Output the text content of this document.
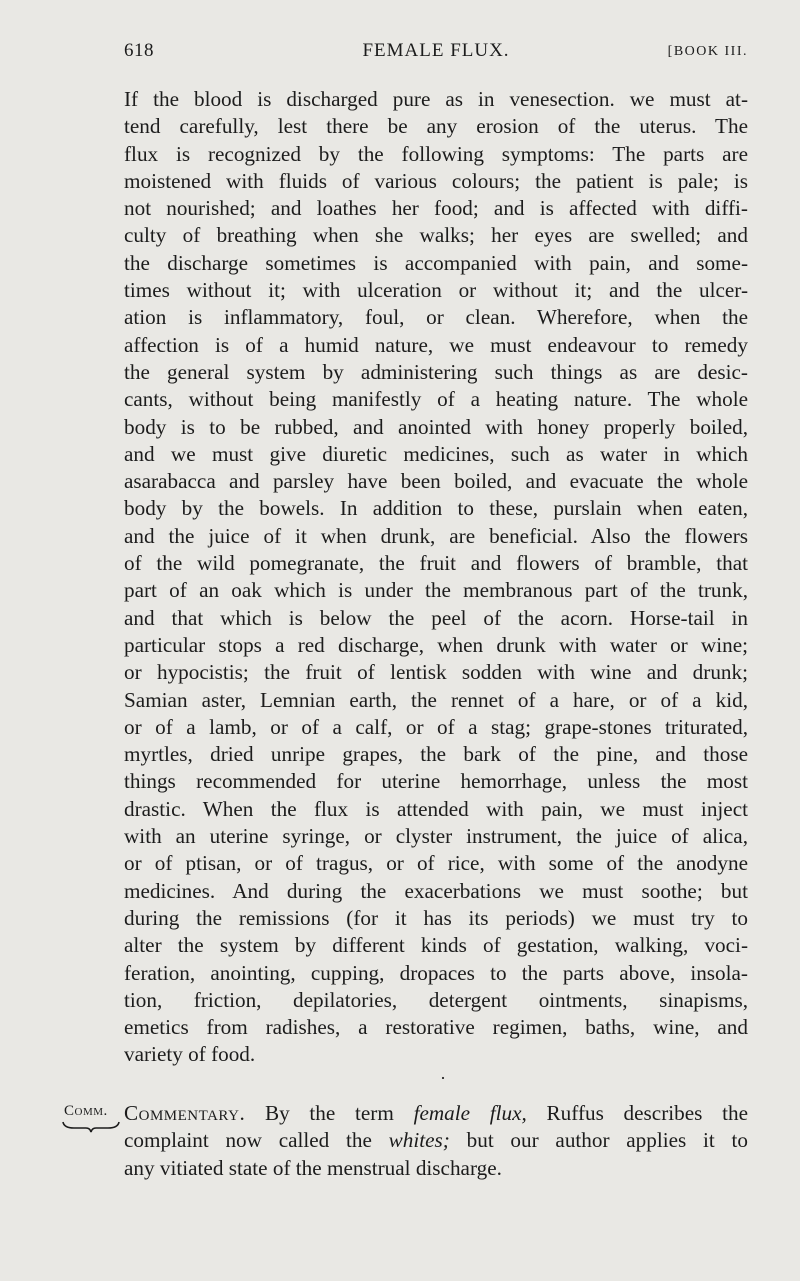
618	FEMALE FLUX.	[BOOK III.
If the blood is discharged pure as in venesection. we must at-
tend carefully, lest there be any erosion of the uterus. The
flux is recognized by the following symptoms: The parts are
moistened with fluids of various colours; the patient is pale; is
not nourished; and loathes her food; and is affected with diffi-
culty of breathing when she walks; her eyes are swelled; and
the discharge sometimes is accompanied with pain, and some-
times without it; with ulceration or without it; and the ulcer-
ation is inflammatory, foul, or clean. Wherefore, when the
affection is of a humid nature, we must endeavour to remedy
the general system by administering such things as are desic-
cants, without being manifestly of a heating nature. The whole
body is to be rubbed, and anointed with honey properly boiled,
and we must give diuretic medicines, such as water in which
asarabacca and parsley have been boiled, and evacuate the whole
body by the bowels. In addition to these, purslain when eaten,
and the juice of it when drunk, are beneficial. Also the flowers
of the wild pomegranate, the fruit and flowers of bramble, that
part of an oak which is under the membranous part of the trunk,
and that which is below the peel of the acorn. Horse-tail in
particular stops a red discharge, when drunk with water or wine;
or hypocistis; the fruit of lentisk sodden with wine and drunk;
Samian aster, Lemnian earth, the rennet of a hare, or of a kid,
or of a lamb, or of a calf, or of a stag; grape-stones triturated,
myrtles, dried unripe grapes, the bark of the pine, and those
things recommended for uterine hemorrhage, unless the most
drastic. When the flux is attended with pain, we must inject
with an uterine syringe, or clyster instrument, the juice of alica,
or of ptisan, or of tragus, or of rice, with some of the anodyne
medicines. And during the exacerbations we must soothe; but
during the remissions (for it has its periods) we must try to
alter the system by different kinds of gestation, walking, voci-
feration, anointing, cupping, dropaces to the parts above, insola-
tion, friction, depilatories, detergent ointments, sinapisms,
emetics from radishes, a restorative regimen, baths, wine, and
variety of food.
·
Comm. Commentary. By the term female flux, Ruffus describes the
complaint now called the whites; but our author applies it to
any vitiated state of the menstrual discharge.
